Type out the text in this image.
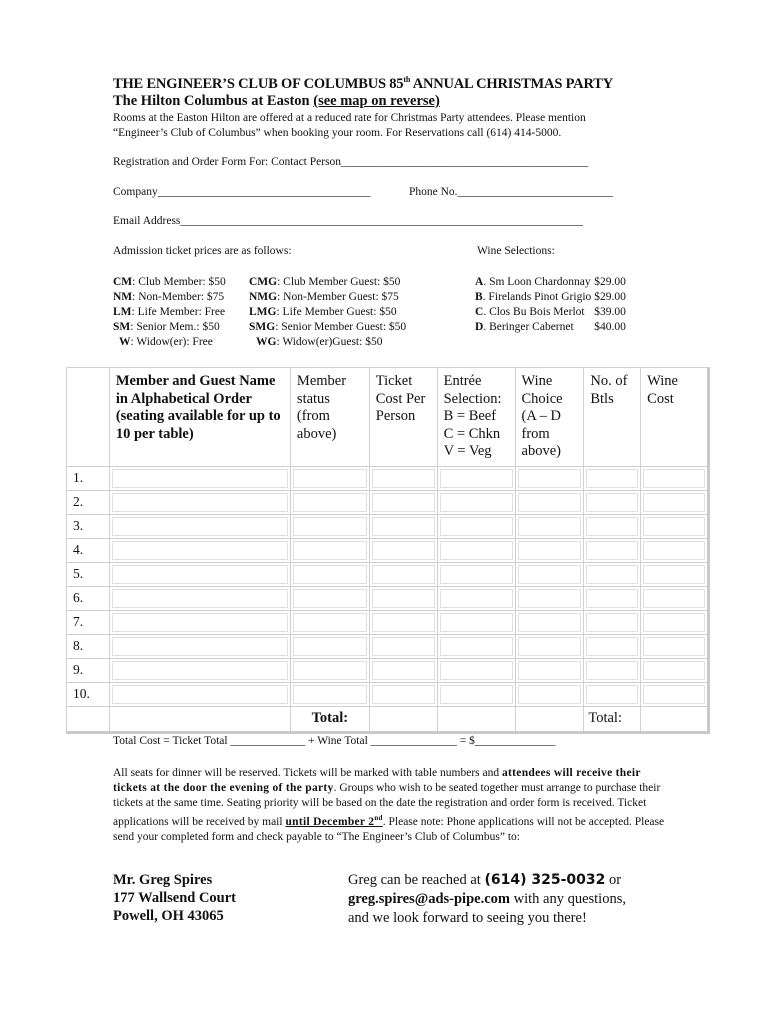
THE ENGINEER’S CLUB OF COLUMBUS 85th ANNUAL CHRISTMAS PARTY
The Hilton Columbus at Easton (see map on reverse)
Rooms at the Easton Hilton are offered at a reduced rate for Christmas Party attendees. Please mention
“Engineer’s Club of Columbus” when booking your room. For Reservations call (614) 414-5000.
Registration and Order Form For: Contact Person___________________________________________
Company_____________________________________	Phone No.___________________________
Email Address______________________________________________________________________
Admission ticket prices are as follows:
CM: Club Member: $50
NM: Non-Member: $75
LM: Life Member: Free
SM: Senior Mem.: $50
W: Widow(er): Free
CMG: Club Member Guest: $50
NMG: Non-Member Guest: $75
LMG: Life Member Guest: $50
SMG: Senior Member Guest: $50
WG: Widow(er)Guest: $50
Wine Selections:
A. Sm Loon Chardonnay	$29.00
B. Firelands Pinot Grigio	$29.00
C. Clos Bu Bois Merlot	$39.00
D. Beringer Cabernet	$40.00
	Member and Guest Name in Alphabetical Order (seating available for up to 10 per table)	Member status (from above)	Ticket Cost Per Person	Entrée Selection: B = Beef C = Chkn V = Veg	Wine Choice (A – D from above)	No. of Btls	Wine Cost
1.	

2.	

3.	

4.	

5.	

6.	

7.	

8.	

9.	

10.	

		Total:				Total:	
Total Cost = Ticket Total _____________ + Wine Total _______________ = $______________
All seats for dinner will be reserved. Tickets will be marked with table numbers and attendees will receive their tickets at the door the evening of the party. Groups who wish to be seated together must arrange to purchase their tickets at the same time. Seating priority will be based on the date the registration and order form is received. Ticket applications will be received by mail until December 2nd. Please note: Phone applications will not be accepted. Please send your completed form and check payable to “The Engineer’s Club of Columbus” to:
Mr. Greg Spires
177 Wallsend Court
Powell, OH 43065
Greg can be reached at (614) 325-0032 or
greg.spires@ads-pipe.com with any questions,
and we look forward to seeing you there!
